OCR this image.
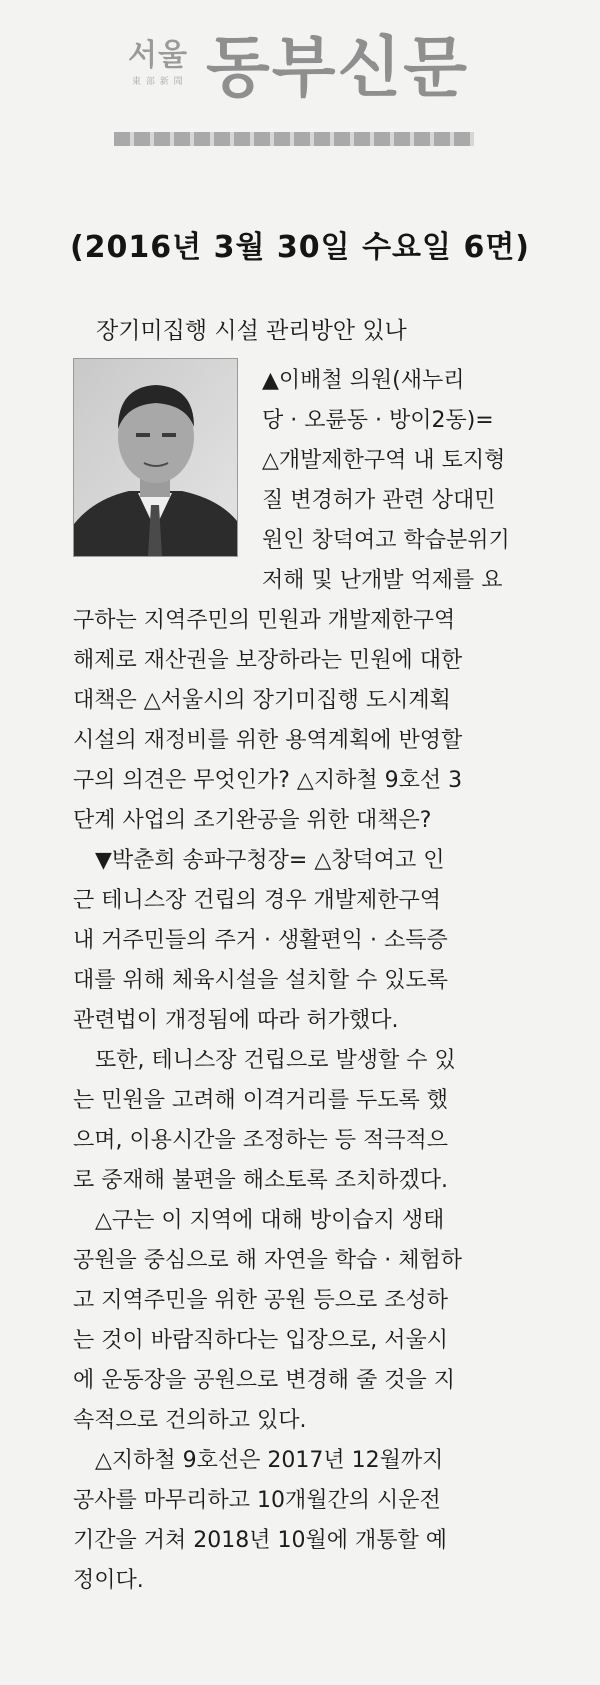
서울
東 部 新 聞 동부신문
(2016년 3월 30일 수요일 6면)
장기미집행 시설 관리방안 있나
▲이배철 의원(새누리
당 · 오륜동 · 방이2동)=
△개발제한구역 내 토지형
질 변경허가 관련 상대민
원인 창덕여고 학습분위기
저해 및 난개발 억제를 요
구하는 지역주민의 민원과 개발제한구역
해제로 재산권을 보장하라는 민원에 대한
대책은 △서울시의 장기미집행 도시계획
시설의 재정비를 위한 용역계획에 반영할
구의 의견은 무엇인가? △지하철 9호선 3
단계 사업의 조기완공을 위한 대책은?
▼박춘희 송파구청장= △창덕여고 인
근 테니스장 건립의 경우 개발제한구역
내 거주민들의 주거 · 생활편익 · 소득증
대를 위해 체육시설을 설치할 수 있도록
관련법이 개정됨에 따라 허가했다.
또한, 테니스장 건립으로 발생할 수 있
는 민원을 고려해 이격거리를 두도록 했
으며, 이용시간을 조정하는 등 적극적으
로 중재해 불편을 해소토록 조치하겠다.
△구는 이 지역에 대해 방이습지 생태
공원을 중심으로 해 자연을 학습 · 체험하
고 지역주민을 위한 공원 등으로 조성하
는 것이 바람직하다는 입장으로, 서울시
에 운동장을 공원으로 변경해 줄 것을 지
속적으로 건의하고 있다.
△지하철 9호선은 2017년 12월까지
공사를 마무리하고 10개월간의 시운전
기간을 거쳐 2018년 10월에 개통할 예
정이다.
